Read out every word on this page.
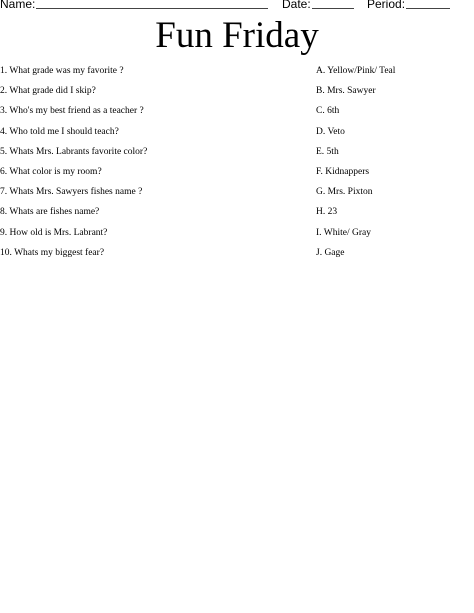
Name:	Date:	Period:
Fun Friday
1. What grade was my favorite ?
2. What grade did I skip?
3. Who's my best friend as a teacher ?
4. Who told me I should teach?
5. Whats Mrs. Labrants favorite color?
6. What color is my room?
7. Whats Mrs. Sawyers fishes name ?
8. Whats are fishes name?
9. How old is Mrs. Labrant?
10. Whats my biggest fear?
A. Yellow/Pink/ Teal
B. Mrs. Sawyer
C. 6th
D. Veto
E. 5th
F. Kidnappers
G. Mrs. Pixton
H. 23
I. White/ Gray
J. Gage
